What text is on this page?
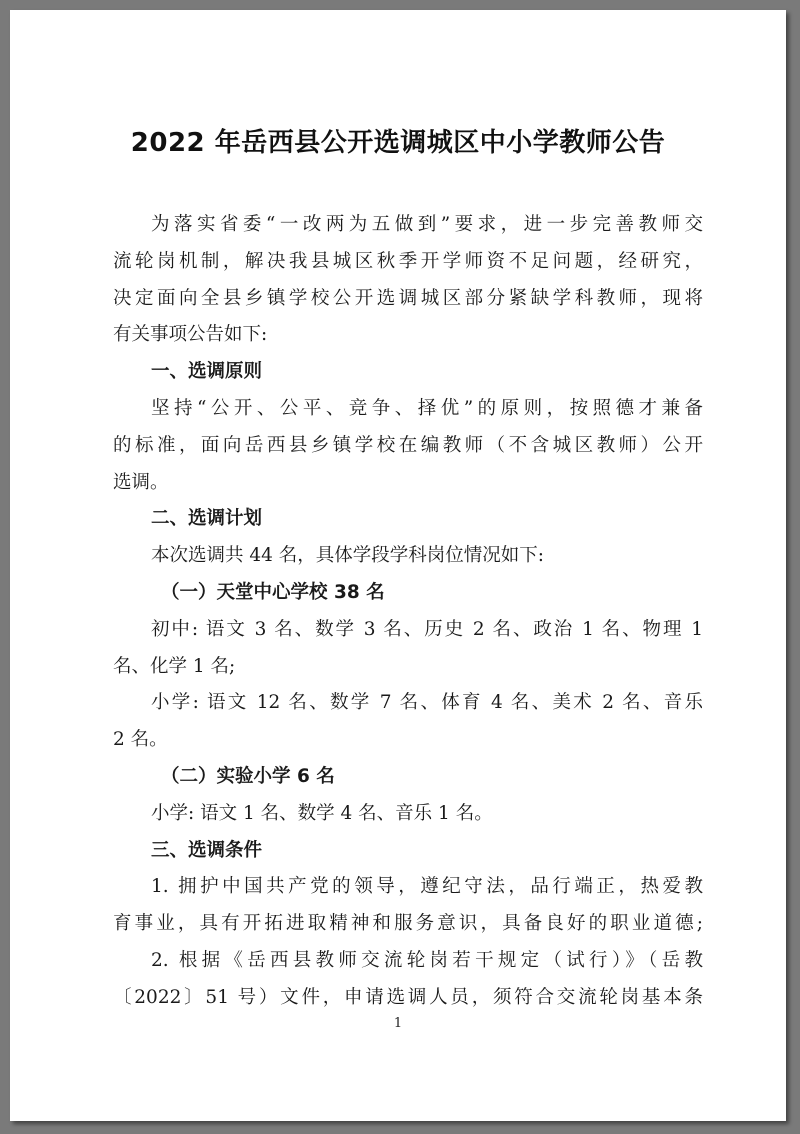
2022 年岳西县公开选调城区中小学教师公告
为落实省委“一改两为五做到”要求，进一步完善教师交
流轮岗机制，解决我县城区秋季开学师资不足问题，经研究，
决定面向全县乡镇学校公开选调城区部分紧缺学科教师，现将
有关事项公告如下:
一、选调原则
坚持“公开、公平、竞争、择优”的原则，按照德才兼备
的标准，面向岳西县乡镇学校在编教师（不含城区教师）公开
选调。
二、选调计划
本次选调共 44 名，具体学段学科岗位情况如下:
（一）天堂中心学校 38 名
初中: 语文 3 名、数学 3 名、历史 2 名、政治 1 名、物理 1
名、化学 1 名;
小学: 语文 12 名、数学 7 名、体育 4 名、美术 2 名、音乐
2 名。
（二）实验小学 6 名
小学: 语文 1 名、数学 4 名、音乐 1 名。
三、选调条件
1. 拥护中国共产党的领导，遵纪守法，品行端正，热爱教
育事业，具有开拓进取精神和服务意识，具备良好的职业道德;
2. 根据《岳西县教师交流轮岗若干规定（试行）》（岳教
〔2022〕51 号）文件，申请选调人员，须符合交流轮岗基本条
1
